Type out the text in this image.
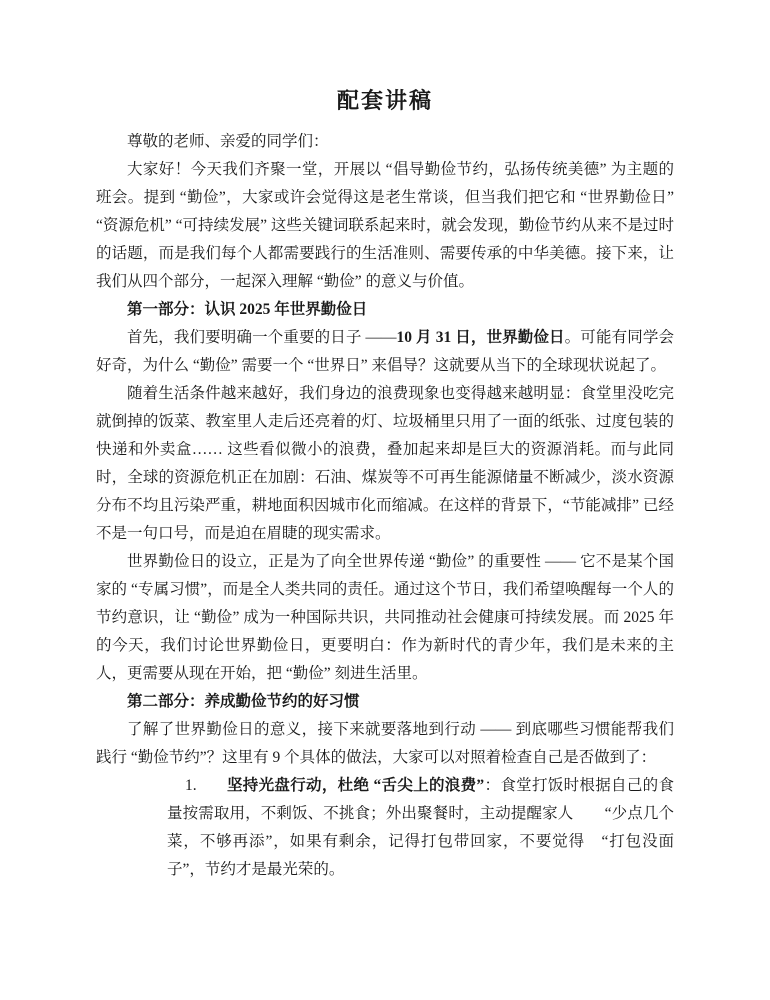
配套讲稿

尊敬的老师、亲爱的同学们：

大家好！今天我们齐聚一堂，开展以 “倡导勤俭节约，弘扬传统美德” 为主题的班会。提到 “勤俭”，大家或许会觉得这是老生常谈，但当我们把它和 “世界勤俭日” “资源危机” “可持续发展” 这些关键词联系起来时，就会发现，勤俭节约从来不是过时的话题，而是我们每个人都需要践行的生活准则、需要传承的中华美德。接下来，让我们从四个部分，一起深入理解 “勤俭” 的意义与价值。

第一部分：认识 2025 年世界勤俭日

首先，我们要明确一个重要的日子 ——10 月 31 日，世界勤俭日。可能有同学会好奇，为什么 “勤俭” 需要一个 “世界日” 来倡导？这就要从当下的全球现状说起了。

随着生活条件越来越好，我们身边的浪费现象也变得越来越明显：食堂里没吃完就倒掉的饭菜、教室里人走后还亮着的灯、垃圾桶里只用了一面的纸张、过度包装的快递和外卖盒…… 这些看似微小的浪费，叠加起来却是巨大的资源消耗。而与此同时，全球的资源危机正在加剧：石油、煤炭等不可再生能源储量不断减少，淡水资源分布不均且污染严重，耕地面积因城市化而缩减。在这样的背景下，“节能减排” 已经不是一句口号，而是迫在眉睫的现实需求。

世界勤俭日的设立，正是为了向全世界传递 “勤俭” 的重要性 —— 它不是某个国家的 “专属习惯”，而是全人类共同的责任。通过这个节日，我们希望唤醒每一个人的节约意识，让 “勤俭” 成为一种国际共识，共同推动社会健康可持续发展。而 2025 年的今天，我们讨论世界勤俭日，更要明白：作为新时代的青少年，我们是未来的主人，更需要从现在开始，把 “勤俭” 刻进生活里。

第二部分：养成勤俭节约的好习惯

了解了世界勤俭日的意义，接下来就要落地到行动 —— 到底哪些习惯能帮我们践行 “勤俭节约”？这里有 9 个具体的做法，大家可以对照着检查自己是否做到了：

1. 坚持光盘行动，杜绝 “舌尖上的浪费”：食堂打饭时根据自己的食量按需取用，不剩饭、不挑食；外出聚餐时，主动提醒家人　　“少点几个菜，不够再添”，如果有剩余，记得打包带回家，不要觉得　“打包没面子”，节约才是最光荣的。
